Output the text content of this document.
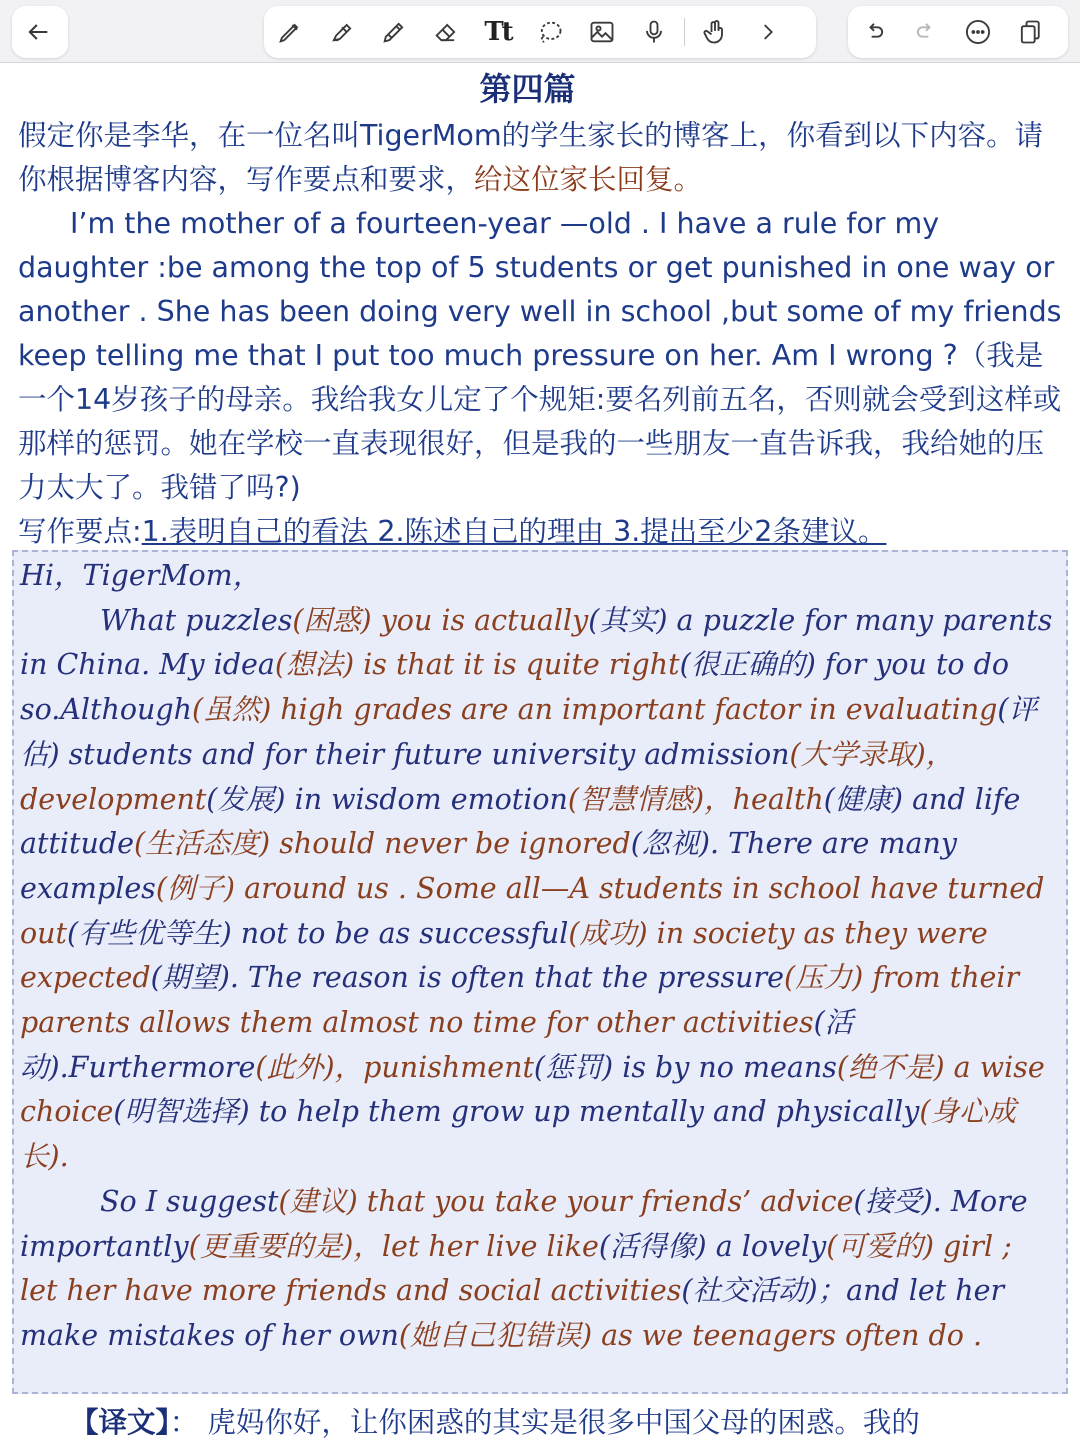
Tt
第四篇

假定你是李华，在一位名叫TigerMom的学生家长的博客上，你看到以下内容。请你根据博客内容，写作要点和要求，给这位家长回复。

I’m the mother of a fourteen-year —old . I have a rule for my daughter :be among the top of 5 students or get punished in one way or another . She has been doing very well in school ,but some of my friends keep telling me that I put too much pressure on her. Am I wrong ?（我是一个14岁孩子的母亲。我给我女儿定了个规矩:要名列前五名，否则就会受到这样或那样的惩罚。她在学校一直表现很好，但是我的一些朋友一直告诉我，我给她的压力太大了。我错了吗?)

写作要点:1.表明自己的看法 2.陈述自己的理由 3.提出至少2条建议。

Hi，TigerMom，

What puzzles(困惑) you is actually(其实) a puzzle for many parents in China. My idea(想法) is that it is quite right(很正确的) for you to do so.Although(虽然) high grades are an important factor in evaluating(评估) students and for their future university admission(大学录取)，development(发展) in wisdom emotion(智慧情感)，health(健康) and life attitude(生活态度) should never be ignored(忽视). There are many examples(例子) around us . Some all—A students in school have turned out(有些优等生) not to be as successful(成功) in society as they were expected(期望). The reason is often that the pressure(压力) from their parents allows them almost no time for other activities(活动).Furthermore(此外)，punishment(惩罚) is by no means(绝不是) a wise choice(明智选择) to help them grow up mentally and physically(身心成长).

So I suggest(建议) that you take your friends’ advice(接受). More importantly(更重要的是)，let her live like(活得像) a lovely(可爱的) girl ; let her have more friends and social activities(社交活动)；and let her make mistakes of her own(她自己犯错误) as we teenagers often do .

【译文】： 虎妈你好，让你困惑的其实是很多中国父母的困惑。我的
